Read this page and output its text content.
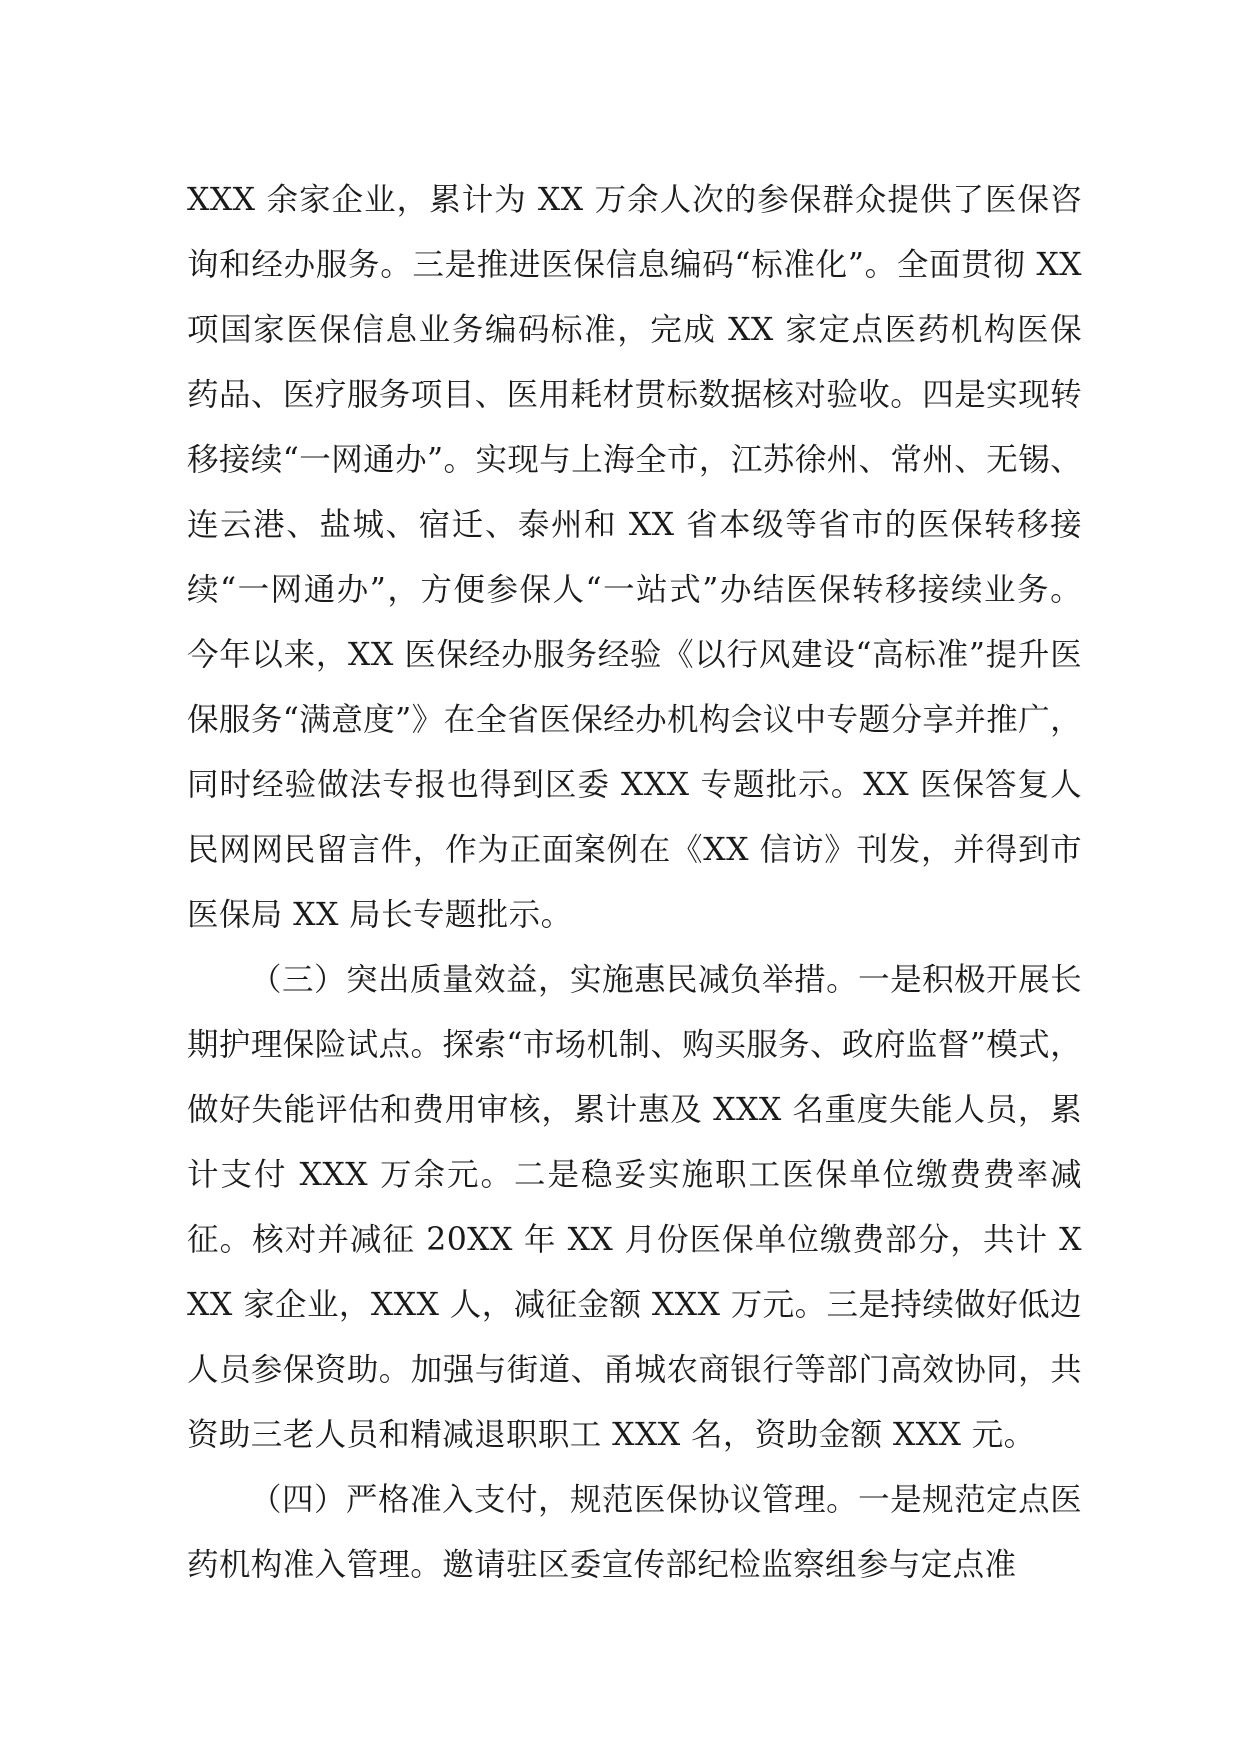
XXX 余家企业，累计为 XX 万余人次的参保群众提供了医保咨询和经办服务。三是推进医保信息编码“标准化”。全面贯彻 XX 项国家医保信息业务编码标准，完成 XX 家定点医药机构医保药品、医疗服务项目、医用耗材贯标数据核对验收。四是实现转移接续“一网通办”。实现与上海全市，江苏徐州、常州、无锡、连云港、盐城、宿迁、泰州和 XX 省本级等省市的医保转移接续“一网通办”，方便参保人“一站式”办结医保转移接续业务。今年以来，XX 医保经办服务经验《以行风建设“高标准”提升医保服务“满意度”》在全省医保经办机构会议中专题分享并推广，同时经验做法专报也得到区委 XXX 专题批示。XX 医保答复人民网网民留言件，作为正面案例在《XX 信访》刊发，并得到市医保局 XX 局长专题批示。

（三）突出质量效益，实施惠民减负举措。一是积极开展长期护理保险试点。探索“市场机制、购买服务、政府监督”模式，做好失能评估和费用审核，累计惠及 XXX 名重度失能人员，累计支付 XXX 万余元。二是稳妥实施职工医保单位缴费费率减征。核对并减征 20XX 年 XX 月份医保单位缴费部分，共计 XXX 家企业，XXX 人，减征金额 XXX 万元。三是持续做好低边人员参保资助。加强与街道、甬城农商银行等部门高效协同，共资助三老人员和精减退职职工 XXX 名，资助金额 XXX 元。

（四）严格准入支付，规范医保协议管理。一是规范定点医药机构准入管理。邀请驻区委宣传部纪检监察组参与定点准
